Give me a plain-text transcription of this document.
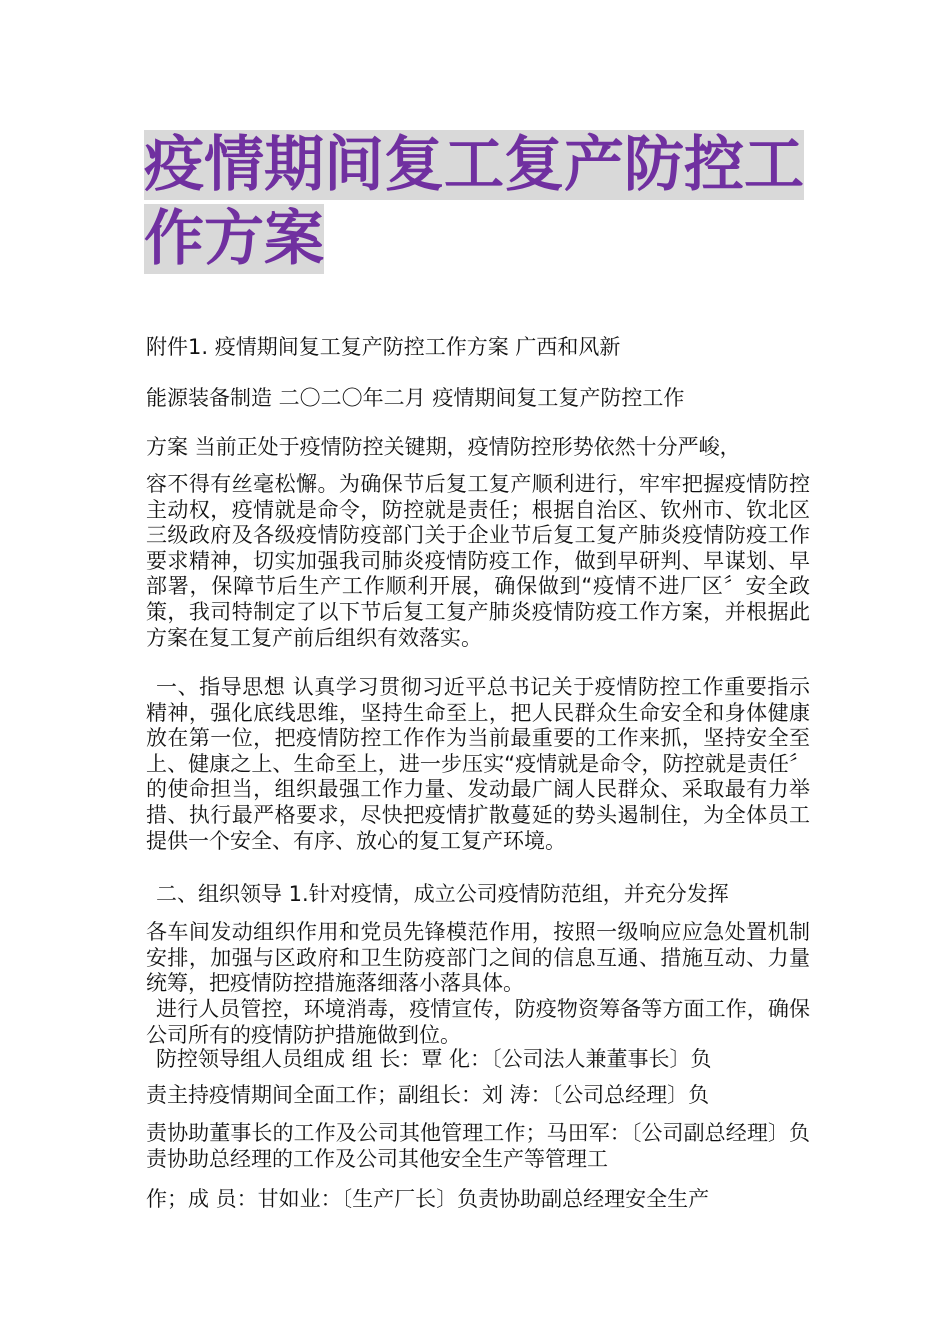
疫情期间复工复产防控工作方案

附件1. 疫情期间复工复产防控工作方案 广西和风新

能源装备制造 二〇二〇年二月 疫情期间复工复产防控工作

方案 当前正处于疫情防控关键期，疫情防控形势依然十分严峻，

容不得有丝毫松懈。为确保节后复工复产顺利进行，牢牢把握疫情防控主动权，疫情就是命令，防控就是责任；根据自治区、钦州市、钦北区三级政府及各级疫情防疫部门关于企业节后复工复产肺炎疫情防疫工作要求精神，切实加强我司肺炎疫情防疫工作，做到早研判、早谋划、早部署，保障节后生产工作顺利开展，确保做到“疫情不进厂区〞安全政策，我司特制定了以下节后复工复产肺炎疫情防疫工作方案，并根据此方案在复工复产前后组织有效落实。

一、指导思想 认真学习贯彻习近平总书记关于疫情防控工作重要指示精神，强化底线思维，坚持生命至上，把人民群众生命安全和身体健康放在第一位，把疫情防控工作作为当前最重要的工作来抓，坚持安全至上、健康之上、生命至上，进一步压实“疫情就是命令，防控就是责任〞的使命担当，组织最强工作力量、发动最广阔人民群众、采取最有力举措、执行最严格要求，尽快把疫情扩散蔓延的势头遏制住，为全体员工提供一个安全、有序、放心的复工复产环境。

二、组织领导 1.针对疫情，成立公司疫情防范组，并充分发挥

各车间发动组织作用和党员先锋模范作用，按照一级响应应急处置机制安排，加强与区政府和卫生防疫部门之间的信息互通、措施互动、力量统筹，把疫情防控措施落细落小落具体。

进行人员管控，环境消毒，疫情宣传，防疫物资筹备等方面工作，确保公司所有的疫情防护措施做到位。

防控领导组人员组成 组 长：覃 化：〔公司法人兼董事长〕负

责主持疫情期间全面工作；副组长：刘 涛：〔公司总经理〕负

责协助董事长的工作及公司其他管理工作；马田军：〔公司副总经理〕负责协助总经理的工作及公司其他安全生产等管理工

作；成 员：甘如业：〔生产厂长〕负责协助副总经理安全生产
